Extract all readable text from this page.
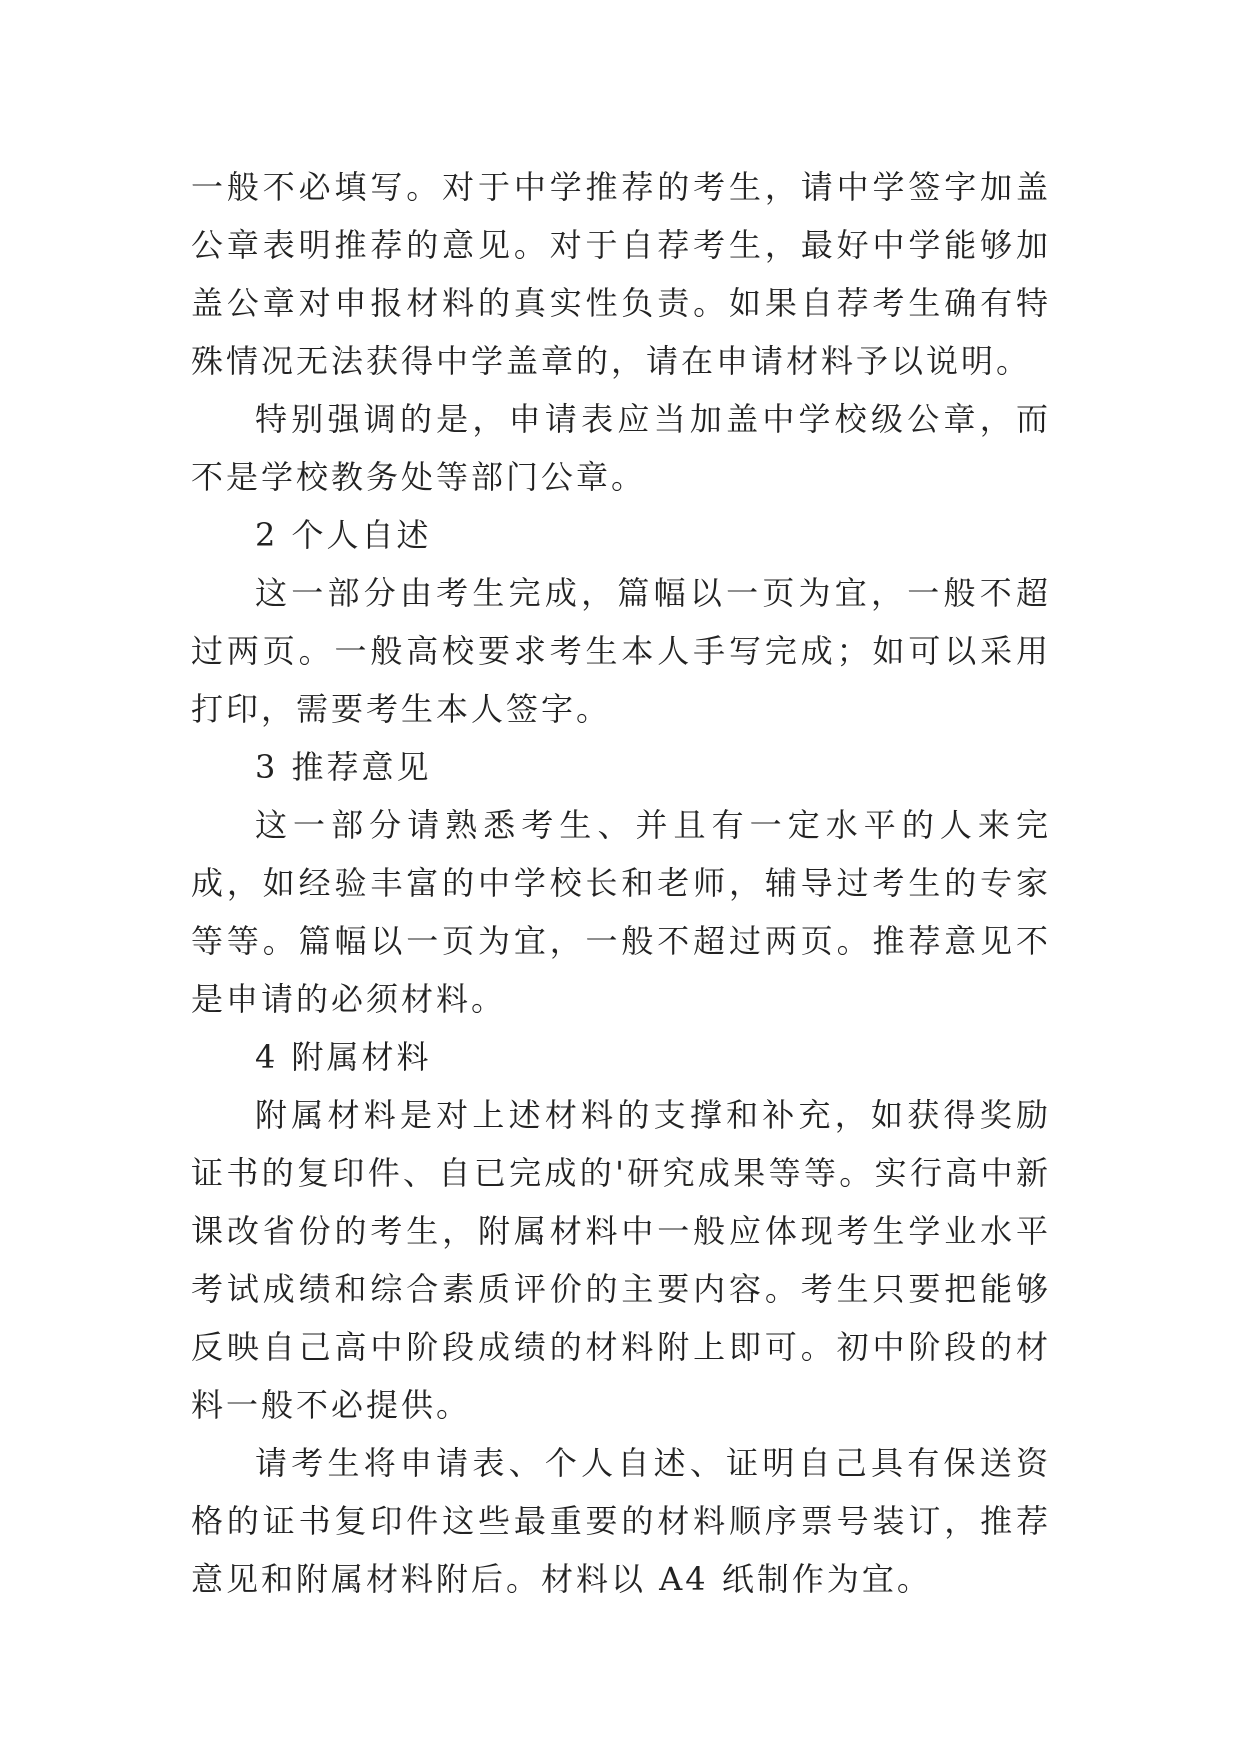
一般不必填写。对于中学推荐的考生，请中学签字加盖公章表明推荐的意见。对于自荐考生，最好中学能够加盖公章对申报材料的真实性负责。如果自荐考生确有特殊情况无法获得中学盖章的，请在申请材料予以说明。

特别强调的是，申请表应当加盖中学校级公章，而不是学校教务处等部门公章。

2 个人自述

这一部分由考生完成，篇幅以一页为宜，一般不超过两页。一般高校要求考生本人手写完成；如可以采用打印，需要考生本人签字。

3 推荐意见

这一部分请熟悉考生、并且有一定水平的人来完成，如经验丰富的中学校长和老师，辅导过考生的专家等等。篇幅以一页为宜，一般不超过两页。推荐意见不是申请的必须材料。

4 附属材料

附属材料是对上述材料的支撑和补充，如获得奖励证书的复印件、自已完成的'研究成果等等。实行高中新课改省份的考生，附属材料中一般应体现考生学业水平考试成绩和综合素质评价的主要内容。考生只要把能够反映自己高中阶段成绩的材料附上即可。初中阶段的材料一般不必提供。

请考生将申请表、个人自述、证明自己具有保送资格的证书复印件这些最重要的材料顺序票号装订，推荐意见和附属材料附后。材料以 A4 纸制作为宜。
